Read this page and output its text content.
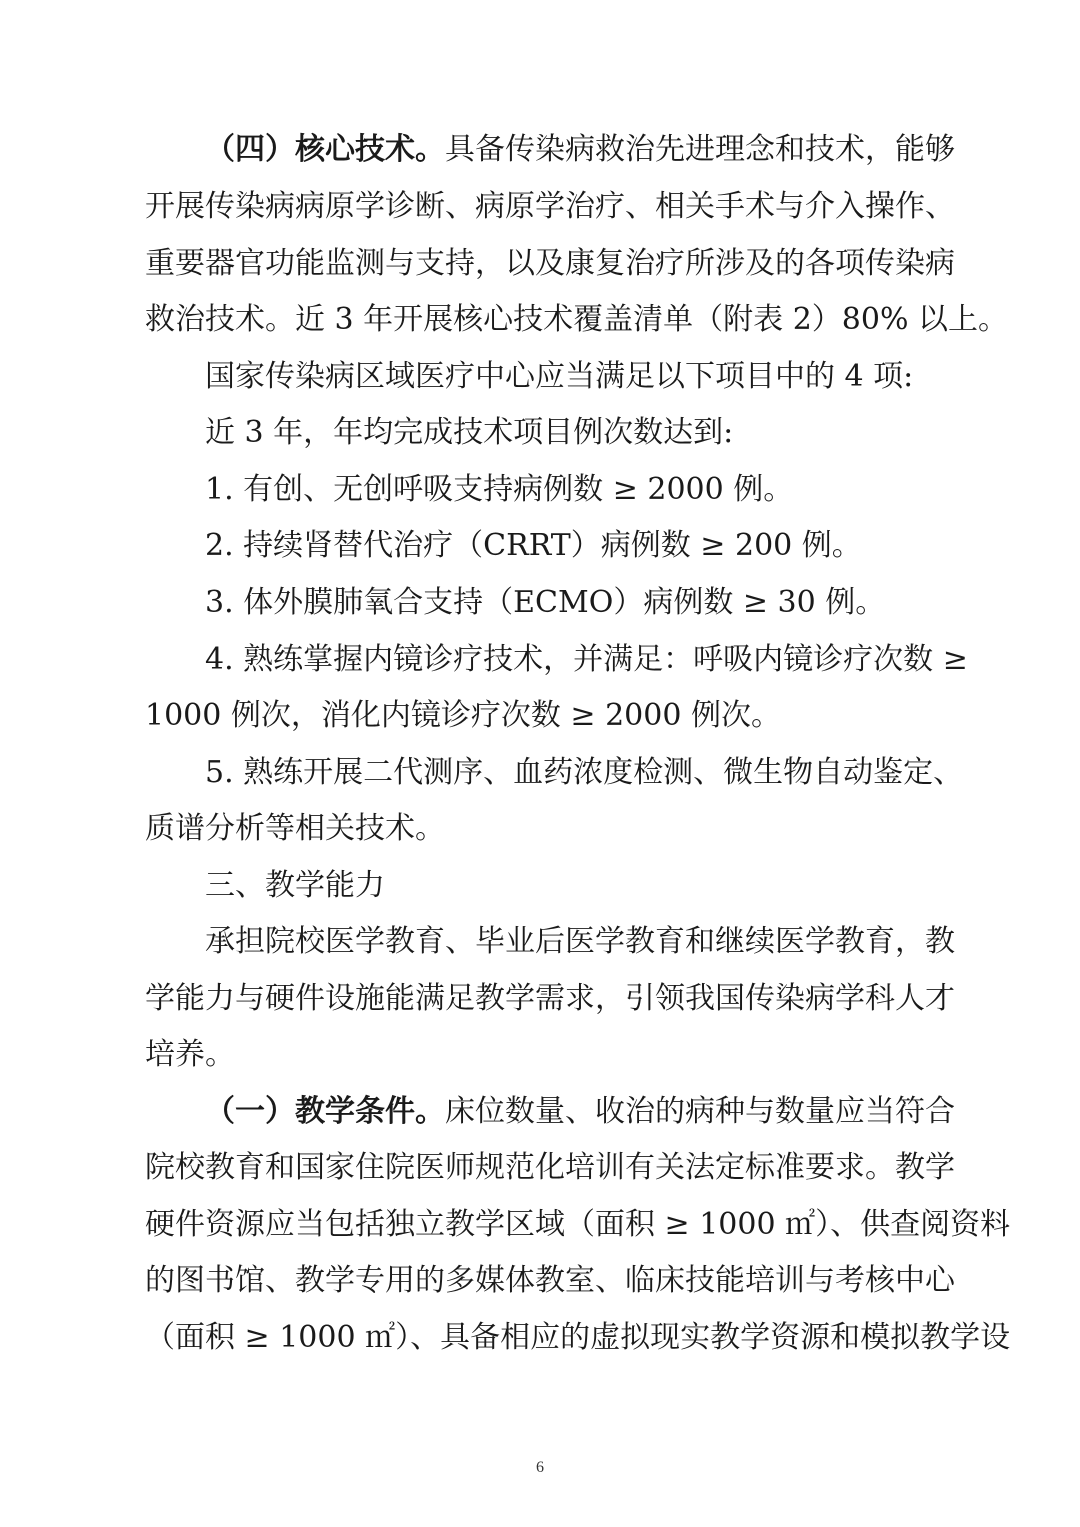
（四）核心技术。具备传染病救治先进理念和技术，能够
开展传染病病原学诊断、病原学治疗、相关手术与介入操作、
重要器官功能监测与支持，以及康复治疗所涉及的各项传染病
救治技术。近 3 年开展核心技术覆盖清单（附表 2）80% 以上。
国家传染病区域医疗中心应当满足以下项目中的 4 项:
近 3 年，年均完成技术项目例次数达到:
1. 有创、无创呼吸支持病例数 ≥ 2000 例。
2. 持续肾替代治疗（CRRT）病例数 ≥ 200 例。
3. 体外膜肺氧合支持（ECMO）病例数 ≥ 30 例。
4. 熟练掌握内镜诊疗技术，并满足：呼吸内镜诊疗次数 ≥
1000 例次，消化内镜诊疗次数 ≥ 2000 例次。
5. 熟练开展二代测序、血药浓度检测、微生物自动鉴定、
质谱分析等相关技术。
三、教学能力
承担院校医学教育、毕业后医学教育和继续医学教育，教
学能力与硬件设施能满足教学需求，引领我国传染病学科人才
培养。
（一）教学条件。床位数量、收治的病种与数量应当符合
院校教育和国家住院医师规范化培训有关法定标准要求。教学
硬件资源应当包括独立教学区域（面积 ≥ 1000 ㎡）、供查阅资料
的图书馆、教学专用的多媒体教室、临床技能培训与考核中心
（面积 ≥ 1000 ㎡）、具备相应的虚拟现实教学资源和模拟教学设
6
